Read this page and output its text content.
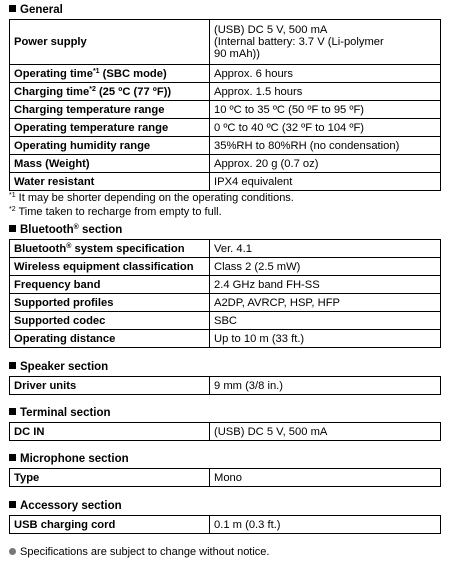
General
Power supply	(USB) DC 5 V, 500 mA
(Internal battery: 3.7 V (Li-polymer
90 mAh))

Operating time$^{*1}$ (SBC mode)	Approx. 6 hours
Charging time$^{*2}$ (25 ºC (77 ºF))	Approx. 1.5 hours
Charging temperature range	10 ºC to 35 ºC (50 ºF to 95 ºF)
Operating temperature range	0 ºC to 40 ºC (32 ºF to 104 ºF)
Operating humidity range	35%RH to 80%RH (no condensation)
Mass (Weight)	Approx. 20 g (0.7 oz)
Water resistant	IPX4 equivalent
$^{*1}$ It may be shorter depending on the operating conditions.
$^{*2}$ Time taken to recharge from empty to full.
Bluetooth® section
Bluetooth® system specification	Ver. 4.1
Wireless equipment classification	Class 2 (2.5 mW)
Frequency band	2.4 GHz band FH-SS
Supported profiles	A2DP, AVRCP, HSP, HFP
Supported codec	SBC
Operating distance	Up to 10 m (33 ft.)
Speaker section
Driver units	9 mm (3/8 in.)
Terminal section
DC IN	(USB) DC 5 V, 500 mA
Microphone section
Type	Mono
Accessory section
USB charging cord	0.1 m (0.3 ft.)
Specifications are subject to change without notice.
